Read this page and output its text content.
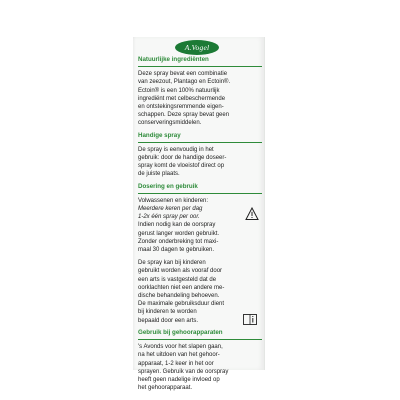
A.Vogel
Natuurlijke ingrediënten
Deze spray bevat een combinatie
van zeezout, Plantago en Ectoin®.
Ectoin® is een 100% natuurlijk
ingrediënt met celbeschermende
en ontstekingsremmende eigen-
schappen. Deze spray bevat geen
conserveringsmiddelen.
Handige spray
De spray is eenvoudig in het
gebruik: door de handige doseer-
spray komt de vloeistof direct op
de juiste plaats.
Dosering en gebruik
Volwassenen en kinderen:
Meerdere keren per dag
1-2x één spray per oor.
Indien nodig kan de oorspray
gerust langer worden gebruikt.
Zonder onderbreking tot maxi-
maal 30 dagen te gebruiken.
De spray kan bij kinderen
gebruikt worden als vooraf door
een arts is vastgesteld dat de
oorklachten niet een andere me-
dische behandeling behoeven.
De maximale gebruiksduur dient
bij kinderen te worden
bepaald door een arts.
Gebruik bij gehoorapparaten
's Avonds voor het slapen gaan,
na het uitdoen van het gehoor-
apparaat, 1-2 keer in het oor
sprayen. Gebruik van de oorspray
heeft geen nadelige invloed op
het gehoorapparaat.
